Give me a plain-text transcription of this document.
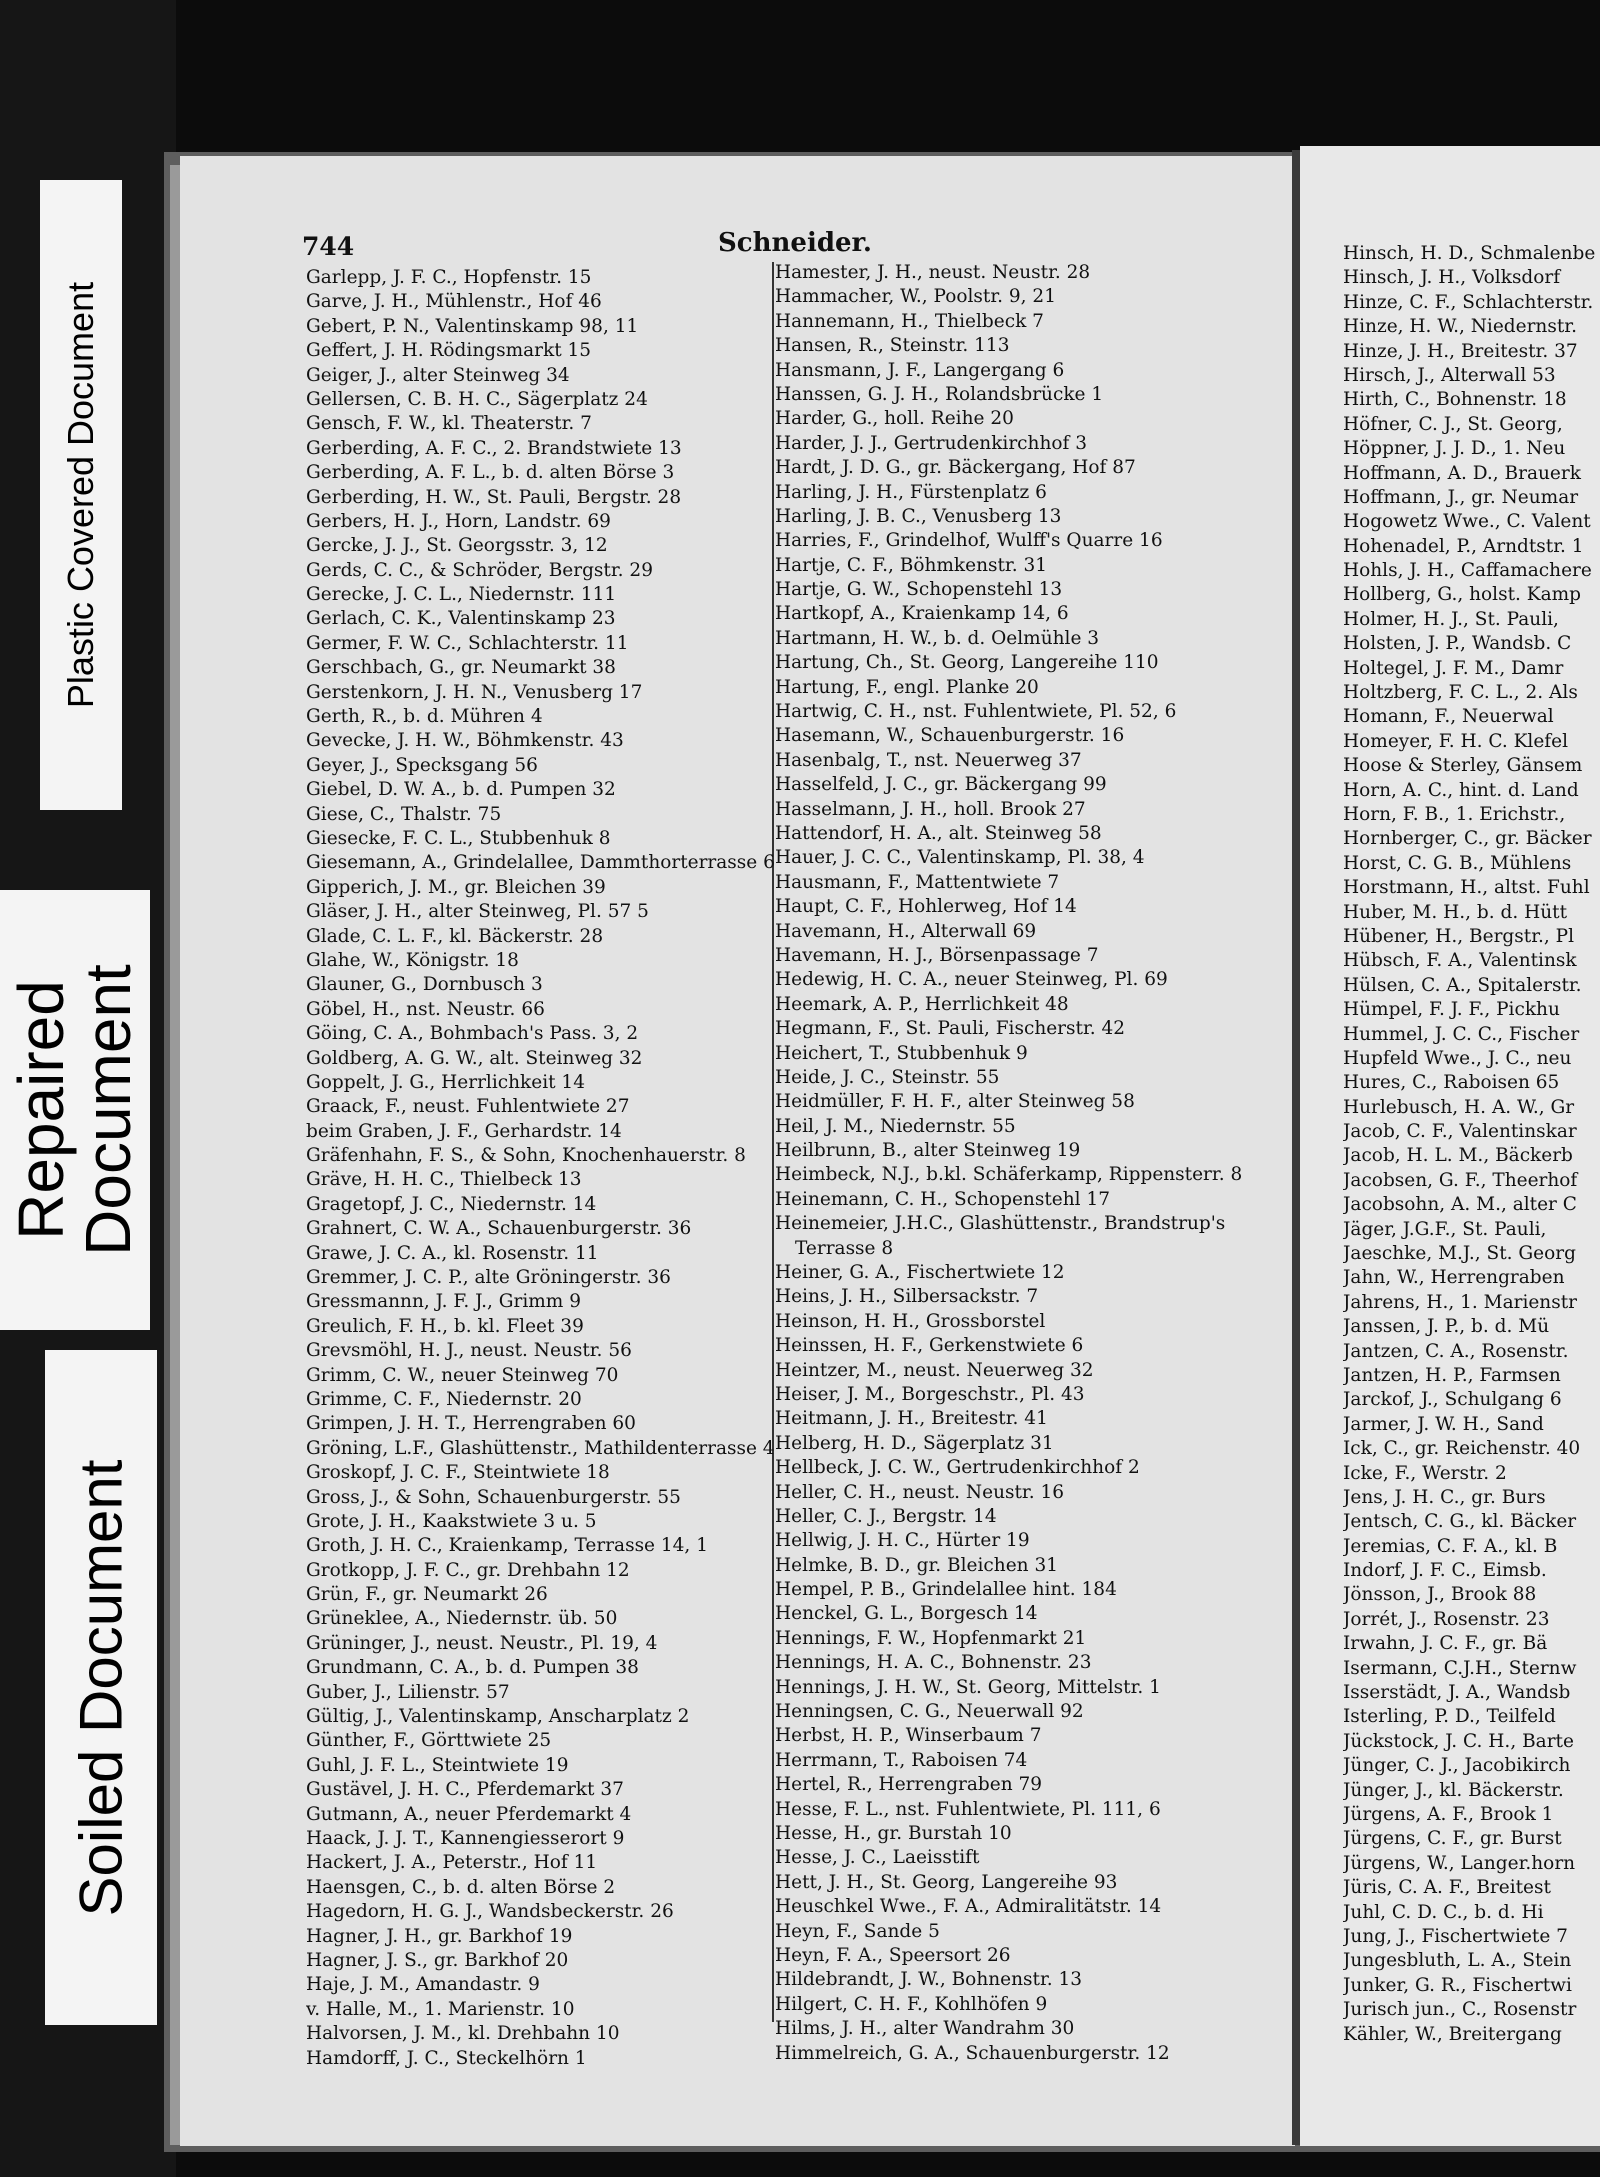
Plastic Covered Document
Repaired Document
Soiled Document
744	Schneider.
Garlepp, J. F. C., Hopfenstr. 15
Garve, J. H., Mühlenstr., Hof 46
Gebert, P. N., Valentinskamp 98, 11
Geffert, J. H. Rödingsmarkt 15
Geiger, J., alter Steinweg 34
Gellersen, C. B. H. C., Sägerplatz 24
Gensch, F. W., kl. Theaterstr. 7
Gerberding, A. F. C., 2. Brandstwiete 13
Gerberding, A. F. L., b. d. alten Börse 3
Gerberding, H. W., St. Pauli, Bergstr. 28
Gerbers, H. J., Horn, Landstr. 69
Gercke, J. J., St. Georgsstr. 3, 12
Gerds, C. C., & Schröder, Bergstr. 29
Gerecke, J. C. L., Niedernstr. 111
Gerlach, C. K., Valentinskamp 23
Germer, F. W. C., Schlachterstr. 11
Gerschbach, G., gr. Neumarkt 38
Gerstenkorn, J. H. N., Venusberg 17
Gerth, R., b. d. Mühren 4
Gevecke, J. H. W., Böhmkenstr. 43
Geyer, J., Specksgang 56
Giebel, D. W. A., b. d. Pumpen 32
Giese, C., Thalstr. 75
Giesecke, F. C. L., Stubbenhuk 8
Giesemann, A., Grindelallee, Dammthorterrasse 6
Gipperich, J. M., gr. Bleichen 39
Gläser, J. H., alter Steinweg, Pl. 57 5
Glade, C. L. F., kl. Bäckerstr. 28
Glahe, W., Königstr. 18
Glauner, G., Dornbusch 3
Göbel, H., nst. Neustr. 66
Göing, C. A., Bohmbach's Pass. 3, 2
Goldberg, A. G. W., alt. Steinweg 32
Goppelt, J. G., Herrlichkeit 14
Graack, F., neust. Fuhlentwiete 27
beim Graben, J. F., Gerhardstr. 14
Gräfenhahn, F. S., & Sohn, Knochenhauerstr. 8
Gräve, H. H. C., Thielbeck 13
Gragetopf, J. C., Niedernstr. 14
Grahnert, C. W. A., Schauenburgerstr. 36
Grawe, J. C. A., kl. Rosenstr. 11
Gremmer, J. C. P., alte Gröningerstr. 36
Gressmannn, J. F. J., Grimm 9
Greulich, F. H., b. kl. Fleet 39
Grevsmöhl, H. J., neust. Neustr. 56
Grimm, C. W., neuer Steinweg 70
Grimme, C. F., Niedernstr. 20
Grimpen, J. H. T., Herrengraben 60
Gröning, L.F., Glashüttenstr., Mathildenterrasse 4
Groskopf, J. C. F., Steintwiete 18
Gross, J., & Sohn, Schauenburgerstr. 55
Grote, J. H., Kaakstwiete 3 u. 5
Groth, J. H. C., Kraienkamp, Terrasse 14, 1
Grotkopp, J. F. C., gr. Drehbahn 12
Grün, F., gr. Neumarkt 26
Grüneklee, A., Niedernstr. üb. 50
Grüninger, J., neust. Neustr., Pl. 19, 4
Grundmann, C. A., b. d. Pumpen 38
Guber, J., Lilienstr. 57
Gültig, J., Valentinskamp, Anscharplatz 2
Günther, F., Görttwiete 25
Guhl, J. F. L., Steintwiete 19
Gustävel, J. H. C., Pferdemarkt 37
Gutmann, A., neuer Pferdemarkt 4
Haack, J. J. T., Kannengiesserort 9
Hackert, J. A., Peterstr., Hof 11
Haensgen, C., b. d. alten Börse 2
Hagedorn, H. G. J., Wandsbeckerstr. 26
Hagner, J. H., gr. Barkhof 19
Hagner, J. S., gr. Barkhof 20
Haje, J. M., Amandastr. 9
v. Halle, M., 1. Marienstr. 10
Halvorsen, J. M., kl. Drehbahn 10
Hamdorff, J. C., Steckelhörn 1
Hamester, J. H., neust. Neustr. 28
Hammacher, W., Poolstr. 9, 21
Hannemann, H., Thielbeck 7
Hansen, R., Steinstr. 113
Hansmann, J. F., Langergang 6
Hanssen, G. J. H., Rolandsbrücke 1
Harder, G., holl. Reihe 20
Harder, J. J., Gertrudenkirchhof 3
Hardt, J. D. G., gr. Bäckergang, Hof 87
Harling, J. H., Fürstenplatz 6
Harling, J. B. C., Venusberg 13
Harries, F., Grindelhof, Wulff's Quarre 16
Hartje, C. F., Böhmkenstr. 31
Hartje, G. W., Schopenstehl 13
Hartkopf, A., Kraienkamp 14, 6
Hartmann, H. W., b. d. Oelmühle 3
Hartung, Ch., St. Georg, Langereihe 110
Hartung, F., engl. Planke 20
Hartwig, C. H., nst. Fuhlentwiete, Pl. 52, 6
Hasemann, W., Schauenburgerstr. 16
Hasenbalg, T., nst. Neuerweg 37
Hasselfeld, J. C., gr. Bäckergang 99
Hasselmann, J. H., holl. Brook 27
Hattendorf, H. A., alt. Steinweg 58
Hauer, J. C. C., Valentinskamp, Pl. 38, 4
Hausmann, F., Mattentwiete 7
Haupt, C. F., Hohlerweg, Hof 14
Havemann, H., Alterwall 69
Havemann, H. J., Börsenpassage 7
Hedewig, H. C. A., neuer Steinweg, Pl. 69
Heemark, A. P., Herrlichkeit 48
Hegmann, F., St. Pauli, Fischerstr. 42
Heichert, T., Stubbenhuk 9
Heide, J. C., Steinstr. 55
Heidmüller, F. H. F., alter Steinweg 58
Heil, J. M., Niedernstr. 55
Heilbrunn, B., alter Steinweg 19
Heimbeck, N.J., b.kl. Schäferkamp, Rippensterr. 8
Heinemann, C. H., Schopenstehl 17
Heinemeier, J.H.C., Glashüttenstr., Brandstrup's
Terrasse 8
Heiner, G. A., Fischertwiete 12
Heins, J. H., Silbersackstr. 7
Heinson, H. H., Grossborstel
Heinssen, H. F., Gerkenstwiete 6
Heintzer, M., neust. Neuerweg 32
Heiser, J. M., Borgeschstr., Pl. 43
Heitmann, J. H., Breitestr. 41
Helberg, H. D., Sägerplatz 31
Hellbeck, J. C. W., Gertrudenkirchhof 2
Heller, C. H., neust. Neustr. 16
Heller, C. J., Bergstr. 14
Hellwig, J. H. C., Hürter 19
Helmke, B. D., gr. Bleichen 31
Hempel, P. B., Grindelallee hint. 184
Henckel, G. L., Borgesch 14
Hennings, F. W., Hopfenmarkt 21
Hennings, H. A. C., Bohnenstr. 23
Hennings, J. H. W., St. Georg, Mittelstr. 1
Henningsen, C. G., Neuerwall 92
Herbst, H. P., Winserbaum 7
Herrmann, T., Raboisen 74
Hertel, R., Herrengraben 79
Hesse, F. L., nst. Fuhlentwiete, Pl. 111, 6
Hesse, H., gr. Burstah 10
Hesse, J. C., Laeisstift
Hett, J. H., St. Georg, Langereihe 93
Heuschkel Wwe., F. A., Admiralitätstr. 14
Heyn, F., Sande 5
Heyn, F. A., Speersort 26
Hildebrandt, J. W., Bohnenstr. 13
Hilgert, C. H. F., Kohlhöfen 9
Hilms, J. H., alter Wandrahm 30
Himmelreich, G. A., Schauenburgerstr. 12
Hinsch, H. D., Schmalenbe
Hinsch, J. H., Volksdorf
Hinze, C. F., Schlachterstr.
Hinze, H. W., Niedernstr.
Hinze, J. H., Breitestr. 37
Hirsch, J., Alterwall 53
Hirth, C., Bohnenstr. 18
Höfner, C. J., St. Georg,
Höppner, J. J. D., 1. Neu
Hoffmann, A. D., Brauerk
Hoffmann, J., gr. Neumar
Hogowetz Wwe., C. Valent
Hohenadel, P., Arndtstr. 1
Hohls, J. H., Caffamachere
Hollberg, G., holst. Kamp
Holmer, H. J., St. Pauli,
Holsten, J. P., Wandsb. C
Holtegel, J. F. M., Damr
Holtzberg, F. C. L., 2. Als
Homann, F., Neuerwal
Homeyer, F. H. C. Klefel
Hoose & Sterley, Gänsem
Horn, A. C., hint. d. Land
Horn, F. B., 1. Erichstr.,
Hornberger, C., gr. Bäcker
Horst, C. G. B., Mühlens
Horstmann, H., altst. Fuhl
Huber, M. H., b. d. Hütt
Hübener, H., Bergstr., Pl
Hübsch, F. A., Valentinsk
Hülsen, C. A., Spitalerstr.
Hümpel, F. J. F., Pickhu
Hummel, J. C. C., Fischer
Hupfeld Wwe., J. C., neu
Hures, C., Raboisen 65
Hurlebusch, H. A. W., Gr
Jacob, C. F., Valentinskar
Jacob, H. L. M., Bäckerb
Jacobsen, G. F., Theerhof
Jacobsohn, A. M., alter C
Jäger, J.G.F., St. Pauli,
Jaeschke, M.J., St. Georg
Jahn, W., Herrengraben
Jahrens, H., 1. Marienstr
Janssen, J. P., b. d. Mü
Jantzen, C. A., Rosenstr.
Jantzen, H. P., Farmsen
Jarckof, J., Schulgang 6
Jarmer, J. W. H., Sand
Ick, C., gr. Reichenstr. 40
Icke, F., Werstr. 2
Jens, J. H. C., gr. Burs
Jentsch, C. G., kl. Bäcker
Jeremias, C. F. A., kl. B
Indorf, J. F. C., Eimsb.
Jönsson, J., Brook 88
Jorrét, J., Rosenstr. 23
Irwahn, J. C. F., gr. Bä
Isermann, C.J.H., Sternw
Isserstädt, J. A., Wandsb
Isterling, P. D., Teilfeld
Jückstock, J. C. H., Barte
Jünger, C. J., Jacobikirch
Jünger, J., kl. Bäckerstr.
Jürgens, A. F., Brook 1
Jürgens, C. F., gr. Burst
Jürgens, W., Langer.horn
Jüris, C. A. F., Breitest
Juhl, C. D. C., b. d. Hi
Jung, J., Fischertwiete 7
Jungesbluth, L. A., Stein
Junker, G. R., Fischertwi
Jurisch jun., C., Rosenstr
Kähler, W., Breitergang
